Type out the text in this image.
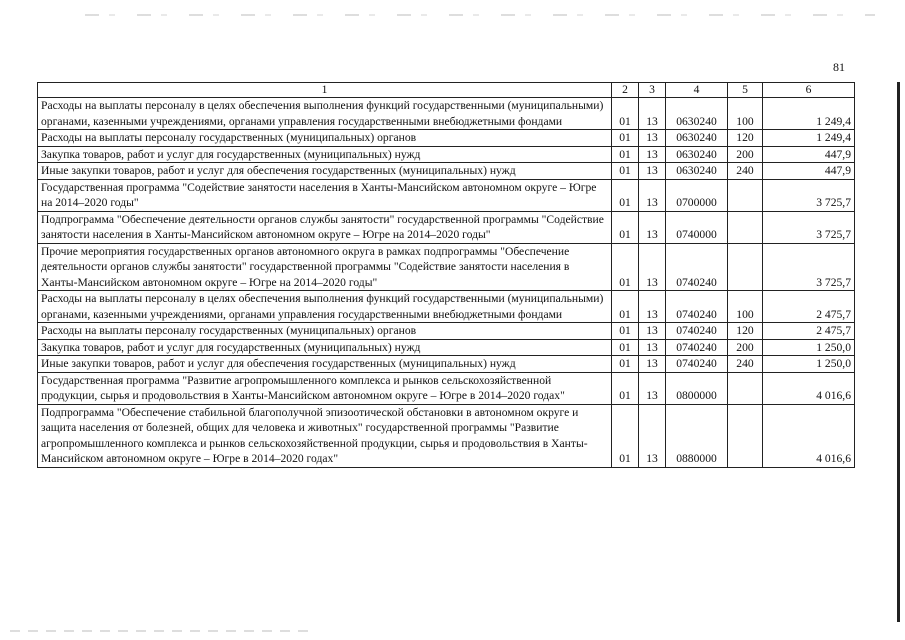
81
1	2	3	4	5	6
Расходы на выплаты персоналу в целях обеспечения выполнения функций государственными (муниципальными) органами, казенными учреждениями, органами управления государственными внебюджетными фондами	01	13	0630240	100	1 249,4
Расходы на выплаты персоналу государственных (муниципальных) органов	01	13	0630240	120	1 249,4
Закупка товаров, работ и услуг для государственных (муниципальных) нужд	01	13	0630240	200	447,9
Иные закупки товаров, работ и услуг для обеспечения государственных (муниципальных) нужд	01	13	0630240	240	447,9
Государственная программа "Содействие занятости населения в Ханты-Мансийском автономном округе – Югре на 2014–2020 годы"	01	13	0700000		3 725,7
Подпрограмма "Обеспечение деятельности органов службы занятости" государственной программы "Содействие занятости населения в Ханты-Мансийском автономном округе – Югре на 2014–2020 годы"	01	13	0740000		3 725,7
Прочие мероприятия государственных органов автономного округа в рамках подпрограммы "Обеспечение деятельности органов службы занятости" государственной программы "Содействие занятости населения в Ханты-Мансийском автономном округе – Югре на 2014–2020 годы"	01	13	0740240		3 725,7
Расходы на выплаты персоналу в целях обеспечения выполнения функций государственными (муниципальными) органами, казенными учреждениями, органами управления государственными внебюджетными фондами	01	13	0740240	100	2 475,7
Расходы на выплаты персоналу государственных (муниципальных) органов	01	13	0740240	120	2 475,7
Закупка товаров, работ и услуг для государственных (муниципальных) нужд	01	13	0740240	200	1 250,0
Иные закупки товаров, работ и услуг для обеспечения государственных (муниципальных) нужд	01	13	0740240	240	1 250,0
Государственная программа "Развитие агропромышленного комплекса и рынков сельскохозяйственной продукции, сырья и продовольствия в Ханты-Мансийском автономном округе – Югре в 2014–2020 годах"	01	13	0800000		4 016,6
Подпрограмма "Обеспечение стабильной благополучной эпизоотической обстановки в автономном округе и защита населения от болезней, общих для человека и животных" государственной программы "Развитие агропромышленного комплекса и рынков сельскохозяйственной продукции, сырья и продовольствия в Ханты-Мансийском автономном округе – Югре в 2014–2020 годах"	01	13	0880000		4 016,6
